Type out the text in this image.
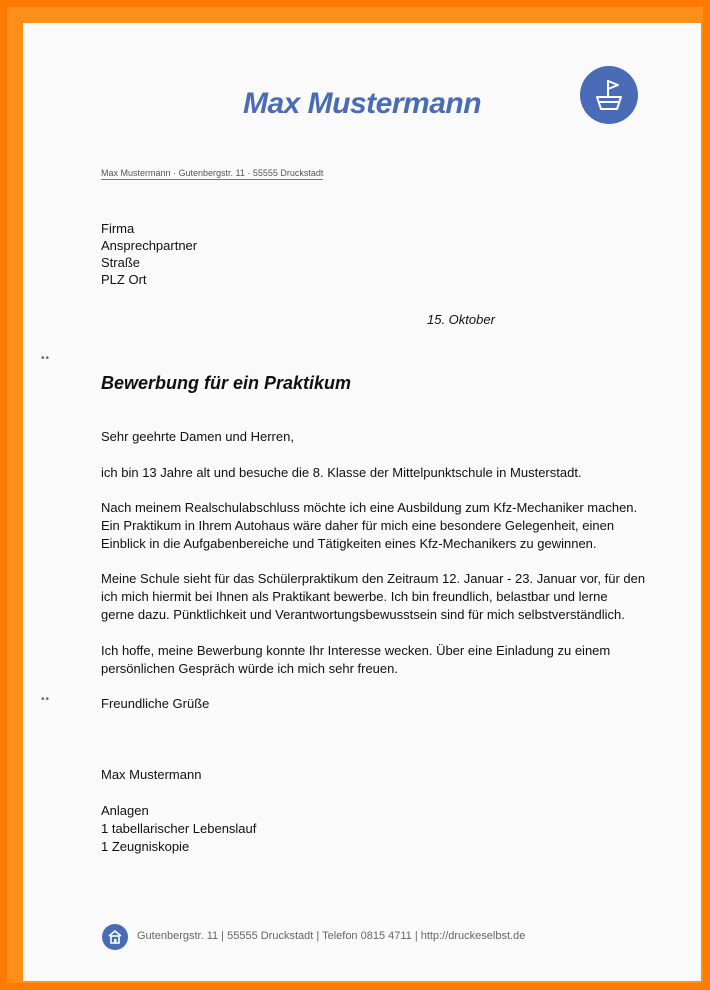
Max Mustermann
Max Mustermann · Gutenbergstr. 11 · 55555 Druckstadt
Firma
Ansprechpartner
Straße
PLZ Ort
15. Oktober
••
Bewerbung für ein Praktikum
Sehr geehrte Damen und Herren,
ich bin 13 Jahre alt und besuche die 8. Klasse der Mittelpunktschule in Musterstadt.
Nach meinem Realschulabschluss möchte ich eine Ausbildung zum Kfz-Mechaniker machen.
Ein Praktikum in Ihrem Autohaus wäre daher für mich eine besondere Gelegenheit, einen
Einblick in die Aufgabenbereiche und Tätigkeiten eines Kfz-Mechanikers zu gewinnen.
Meine Schule sieht für das Schülerpraktikum den Zeitraum 12. Januar - 23. Januar vor, für den
ich mich hiermit bei Ihnen als Praktikant bewerbe. Ich bin freundlich, belastbar und lerne
gerne dazu. Pünktlichkeit und Verantwortungsbewusstsein sind für mich selbstverständlich.
Ich hoffe, meine Bewerbung konnte Ihr Interesse wecken. Über eine Einladung zu einem
persönlichen Gespräch würde ich mich sehr freuen.
••	Freundliche Grüße
Max Mustermann
Anlagen
1 tabellarischer Lebenslauf
1 Zeugniskopie
Gutenbergstr. 11 | 55555 Druckstadt | Telefon 0815 4711 | http://druckeselbst.de
